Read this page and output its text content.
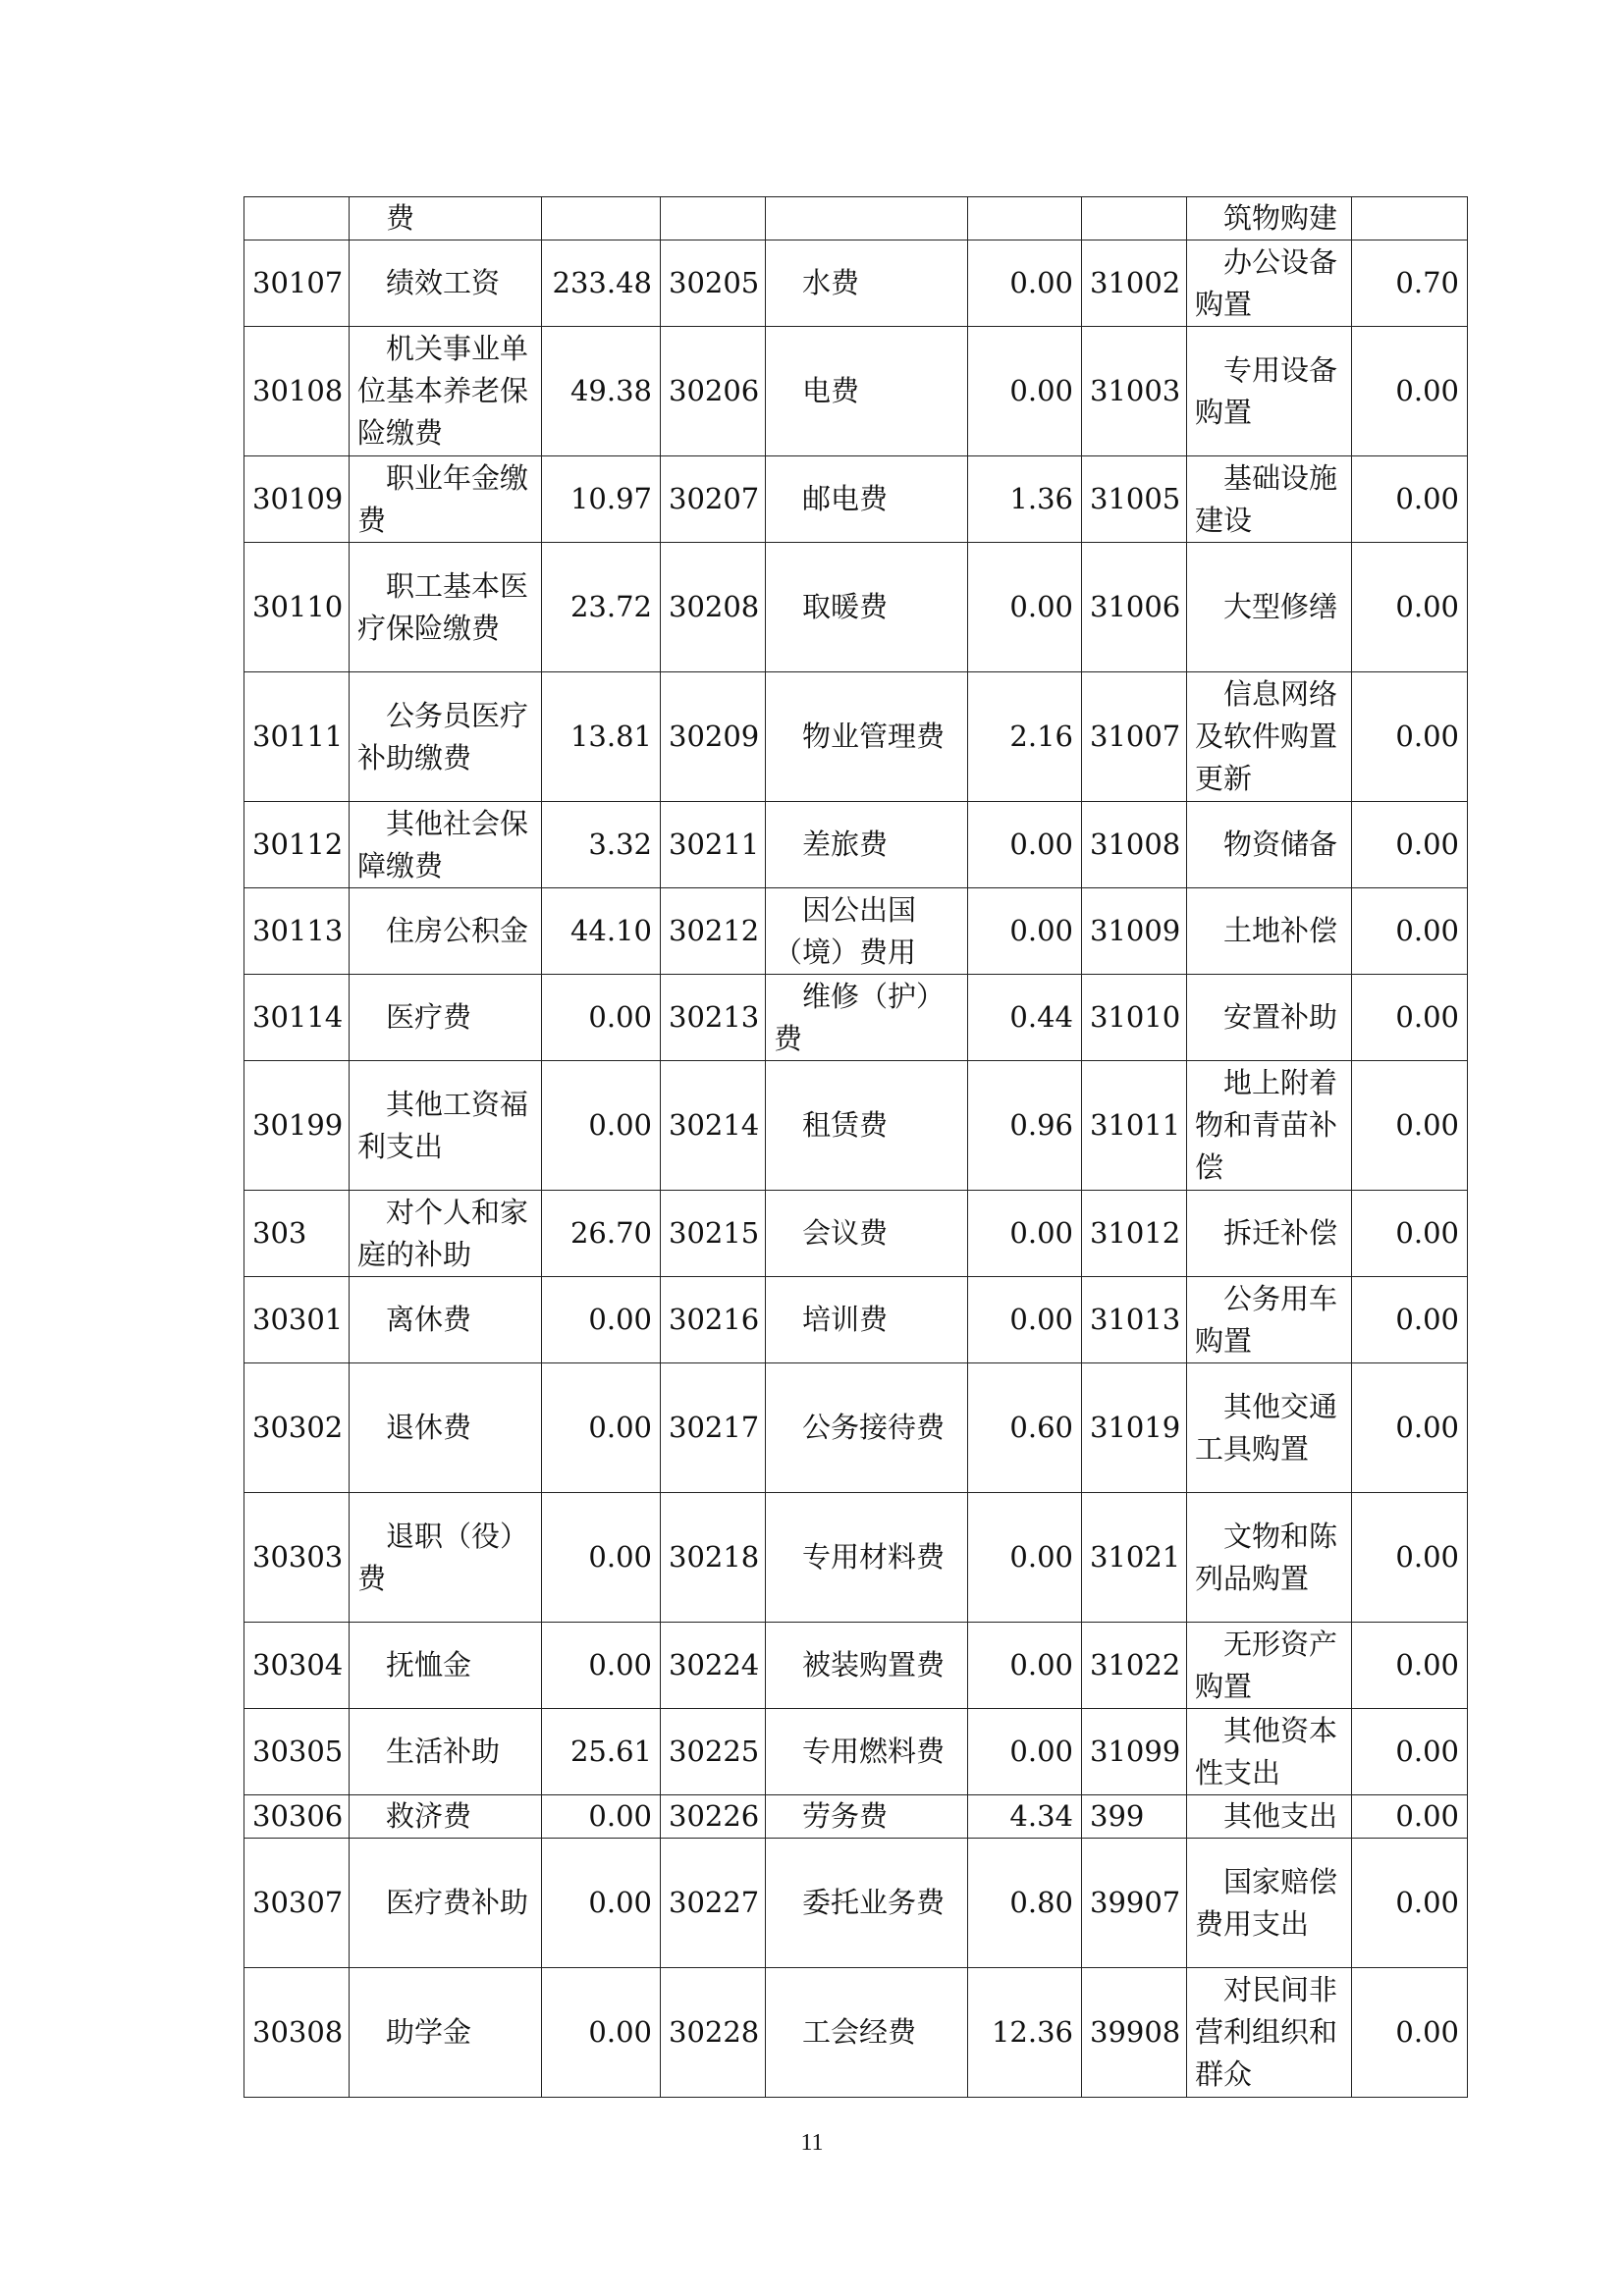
	费						筑物购建	
30107	绩效工资	233.48	30205	水费	0.00	31002	办公设备购置	0.70
30108	机关事业单位基本养老保险缴费	49.38	30206	电费	0.00	31003	专用设备购置	0.00
30109	职业年金缴费	10.97	30207	邮电费	1.36	31005	基础设施建设	0.00
30110	职工基本医疗保险缴费	23.72	30208	取暖费	0.00	31006	大型修缮	0.00
30111	公务员医疗补助缴费	13.81	30209	物业管理费	2.16	31007	信息网络及软件购置更新	0.00
30112	其他社会保障缴费	3.32	30211	差旅费	0.00	31008	物资储备	0.00
30113	住房公积金	44.10	30212	因公出国（境）费用	0.00	31009	土地补偿	0.00
30114	医疗费	0.00	30213	维修（护）费	0.44	31010	安置补助	0.00
30199	其他工资福利支出	0.00	30214	租赁费	0.96	31011	地上附着物和青苗补偿	0.00
303	对个人和家庭的补助	26.70	30215	会议费	0.00	31012	拆迁补偿	0.00
30301	离休费	0.00	30216	培训费	0.00	31013	公务用车购置	0.00
30302	退休费	0.00	30217	公务接待费	0.60	31019	其他交通工具购置	0.00
30303	退职（役）费	0.00	30218	专用材料费	0.00	31021	文物和陈列品购置	0.00
30304	抚恤金	0.00	30224	被装购置费	0.00	31022	无形资产购置	0.00
30305	生活补助	25.61	30225	专用燃料费	0.00	31099	其他资本性支出	0.00
30306	救济费	0.00	30226	劳务费	4.34	399	其他支出	0.00
30307	医疗费补助	0.00	30227	委托业务费	0.80	39907	国家赔偿费用支出	0.00
30308	助学金	0.00	30228	工会经费	12.36	39908	对民间非营利组织和群众	0.00
11
